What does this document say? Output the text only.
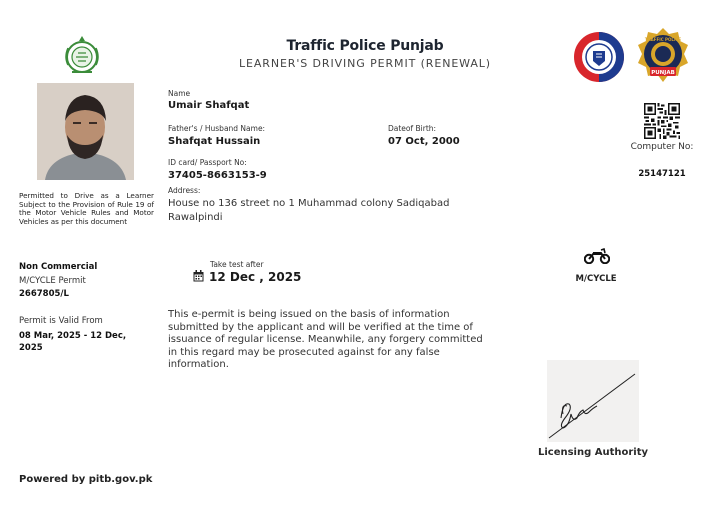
Traffic Police Punjab
LEARNER'S DRIVING PERMIT (RENEWAL)
PUNJAB
TRAFFIC POLICE
Permitted to Drive as a Learner Subject to the Provision of Rule 19 of the Motor Vehicle Rules and Motor Vehicles as per this document
Non Commercial
M/CYCLE Permit
2667805/L
Permit is Valid From
08 Mar, 2025 - 12 Dec, 2025
Name
Umair Shafqat
Father's / Husband Name:
Shafqat Hussain
Dateof Birth:
07 Oct, 2000
ID card/ Passport No:
37405-8663153-9
Address:
House no 136 street no 1 Muhammad colony Sadiqabad Rawalpindi
Take test after
12 Dec , 2025
This e-permit is being issued on the basis of information submitted by the applicant and will be verified at the time of issuance of regular license. Meanwhile, any forgery committed in this regard may be prosecuted against for any false information.
Computer No:
25147121
M/CYCLE
Licensing Authority
Powered by pitb.gov.pk
